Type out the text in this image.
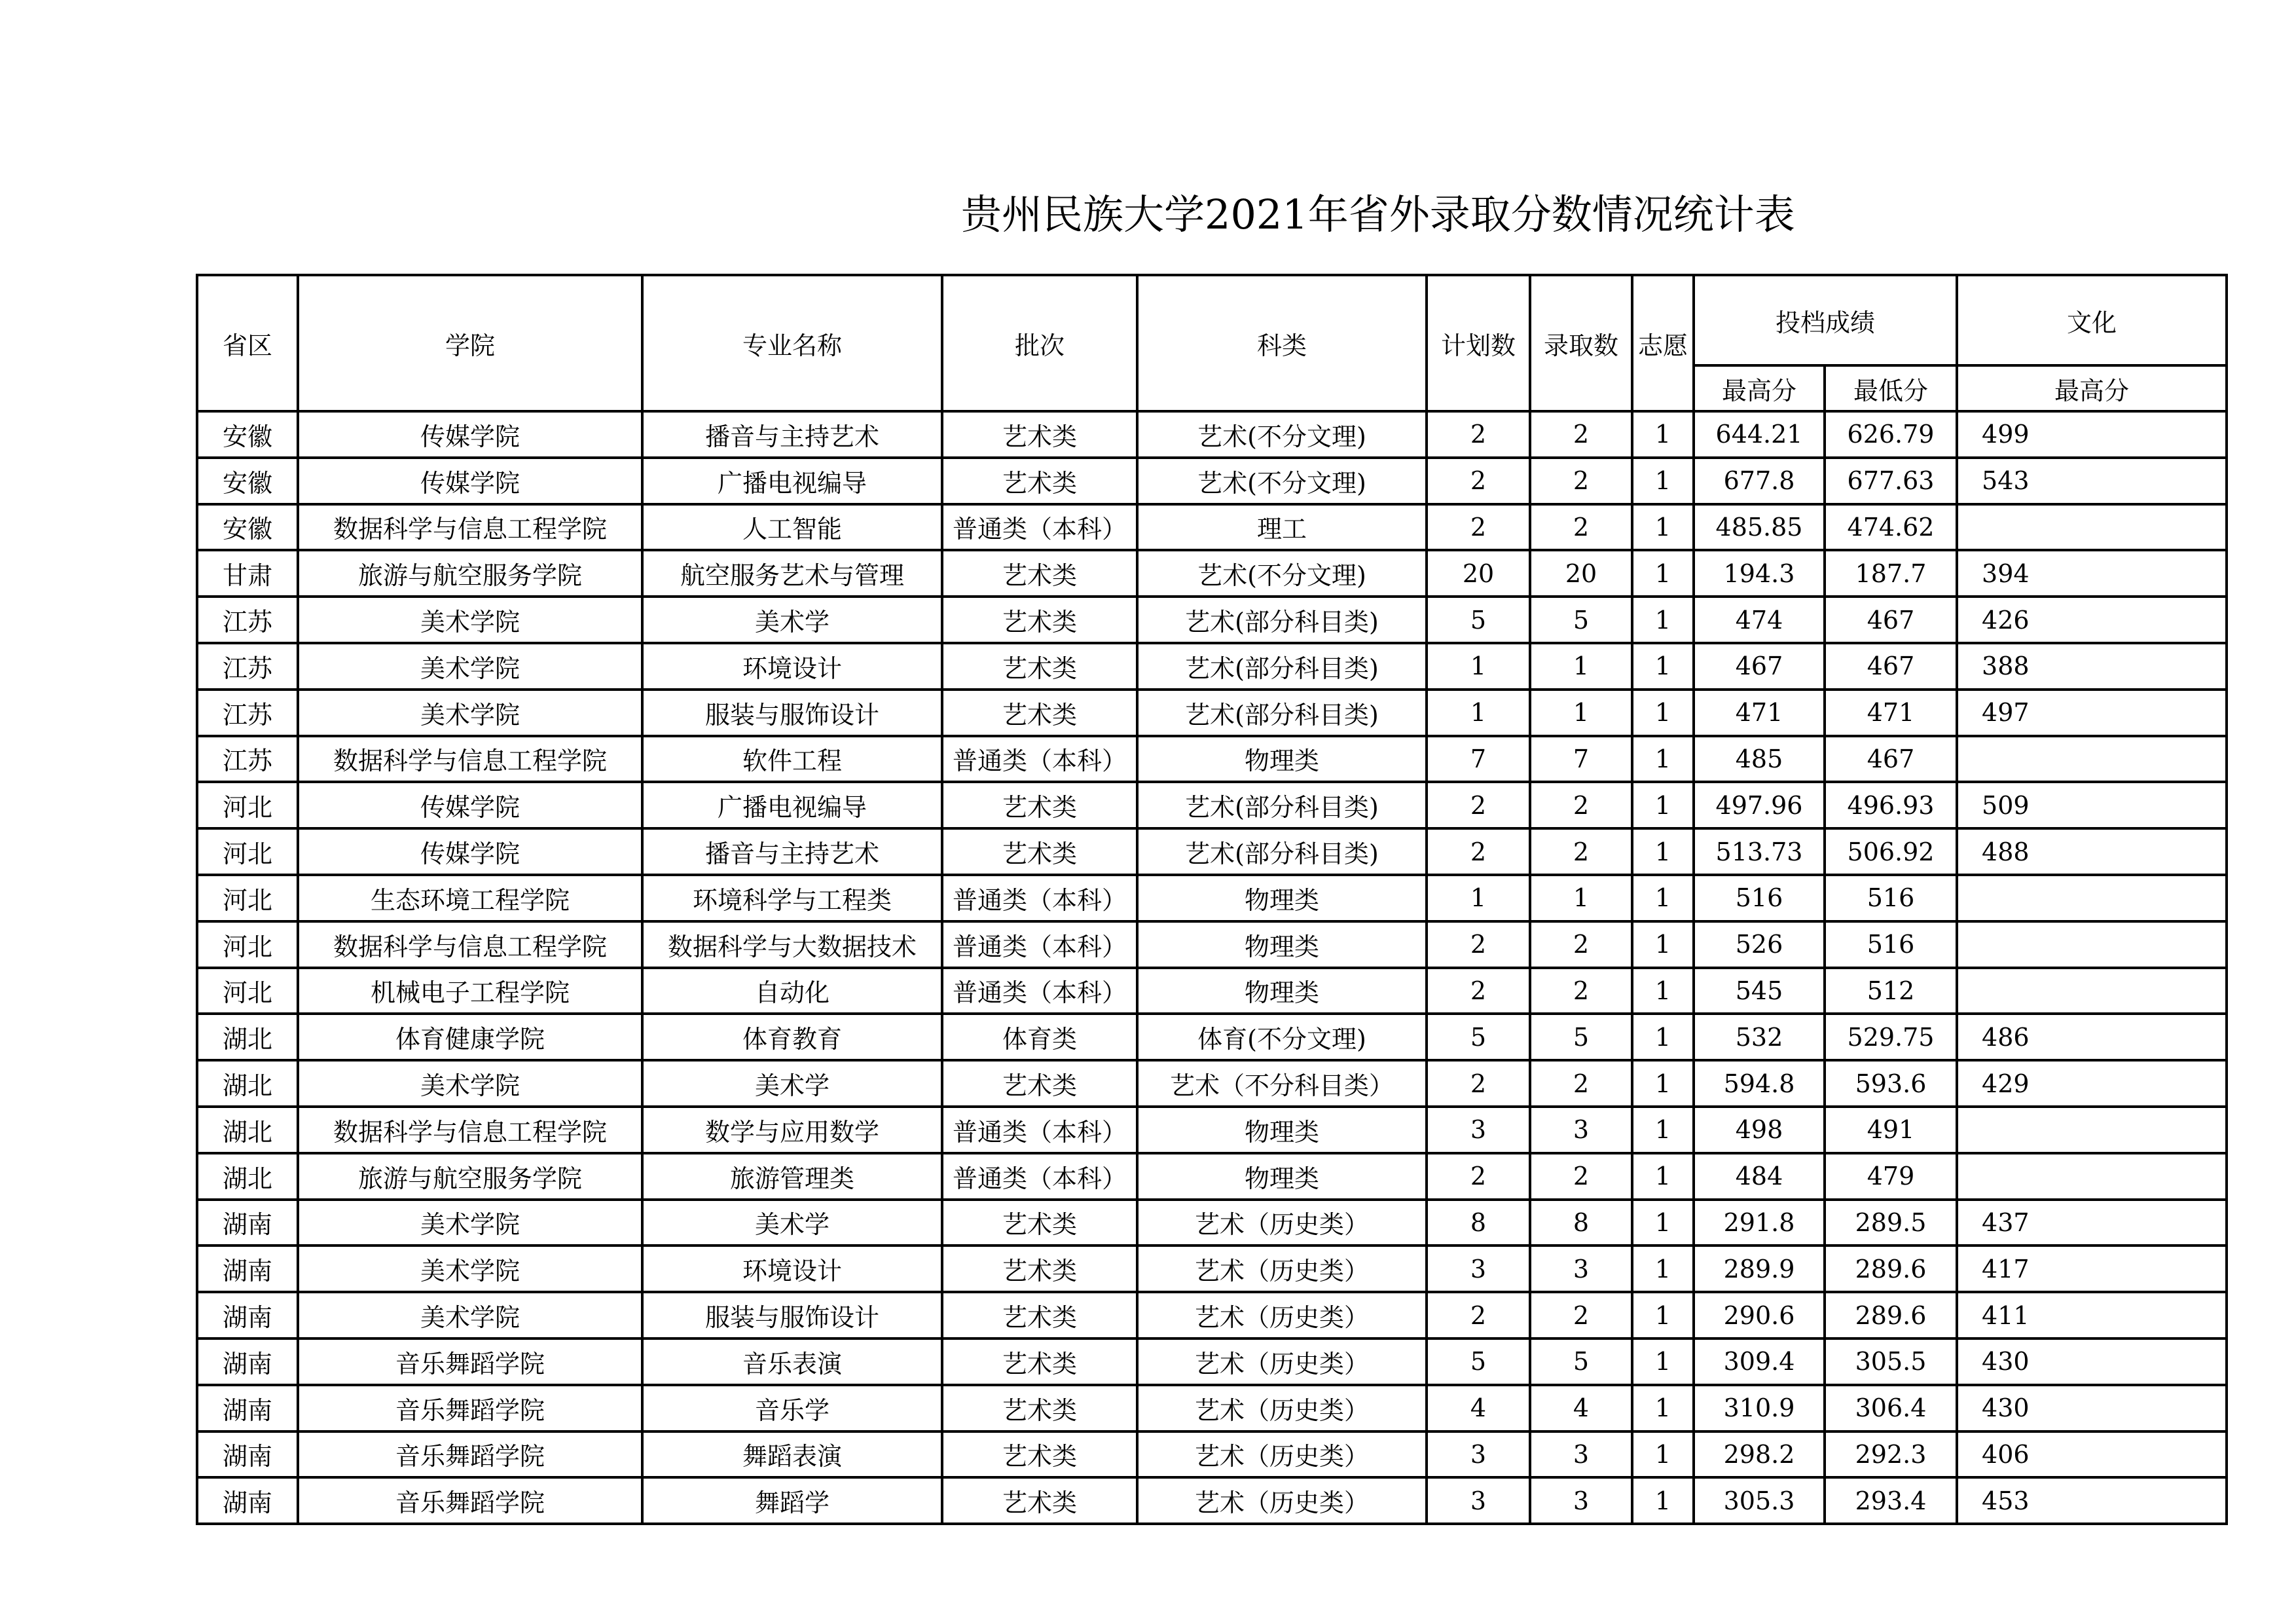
贵州民族大学2021年省外录取分数情况统计表
省区	学院	专业名称	批次	科类	计划数	录取数	志愿	投档成绩		文化
								最高分	最低分	最高分
安徽	传媒学院	播音与主持艺术	艺术类	艺术(不分文理)	2	2	1	644.21	626.79	499
安徽	传媒学院	广播电视编导	艺术类	艺术(不分文理)	2	2	1	677.8	677.63	543
安徽	数据科学与信息工程学院	人工智能	普通类（本科）	理工	2	2	1	485.85	474.62	
甘肃	旅游与航空服务学院	航空服务艺术与管理	艺术类	艺术(不分文理)	20	20	1	194.3	187.7	394
江苏	美术学院	美术学	艺术类	艺术(部分科目类)	5	5	1	474	467	426
江苏	美术学院	环境设计	艺术类	艺术(部分科目类)	1	1	1	467	467	388
江苏	美术学院	服装与服饰设计	艺术类	艺术(部分科目类)	1	1	1	471	471	497
江苏	数据科学与信息工程学院	软件工程	普通类（本科）	物理类	7	7	1	485	467	
河北	传媒学院	广播电视编导	艺术类	艺术(部分科目类)	2	2	1	497.96	496.93	509
河北	传媒学院	播音与主持艺术	艺术类	艺术(部分科目类)	2	2	1	513.73	506.92	488
河北	生态环境工程学院	环境科学与工程类	普通类（本科）	物理类	1	1	1	516	516	
河北	数据科学与信息工程学院	数据科学与大数据技术	普通类（本科）	物理类	2	2	1	526	516	
河北	机械电子工程学院	自动化	普通类（本科）	物理类	2	2	1	545	512	
湖北	体育健康学院	体育教育	体育类	体育(不分文理)	5	5	1	532	529.75	486
湖北	美术学院	美术学	艺术类	艺术（不分科目类）	2	2	1	594.8	593.6	429
湖北	数据科学与信息工程学院	数学与应用数学	普通类（本科）	物理类	3	3	1	498	491	
湖北	旅游与航空服务学院	旅游管理类	普通类（本科）	物理类	2	2	1	484	479	
湖南	美术学院	美术学	艺术类	艺术（历史类）	8	8	1	291.8	289.5	437
湖南	美术学院	环境设计	艺术类	艺术（历史类）	3	3	1	289.9	289.6	417
湖南	美术学院	服装与服饰设计	艺术类	艺术（历史类）	2	2	1	290.6	289.6	411
湖南	音乐舞蹈学院	音乐表演	艺术类	艺术（历史类）	5	5	1	309.4	305.5	430
湖南	音乐舞蹈学院	音乐学	艺术类	艺术（历史类）	4	4	1	310.9	306.4	430
湖南	音乐舞蹈学院	舞蹈表演	艺术类	艺术（历史类）	3	3	1	298.2	292.3	406
湖南	音乐舞蹈学院	舞蹈学	艺术类	艺术（历史类）	3	3	1	305.3	293.4	453
